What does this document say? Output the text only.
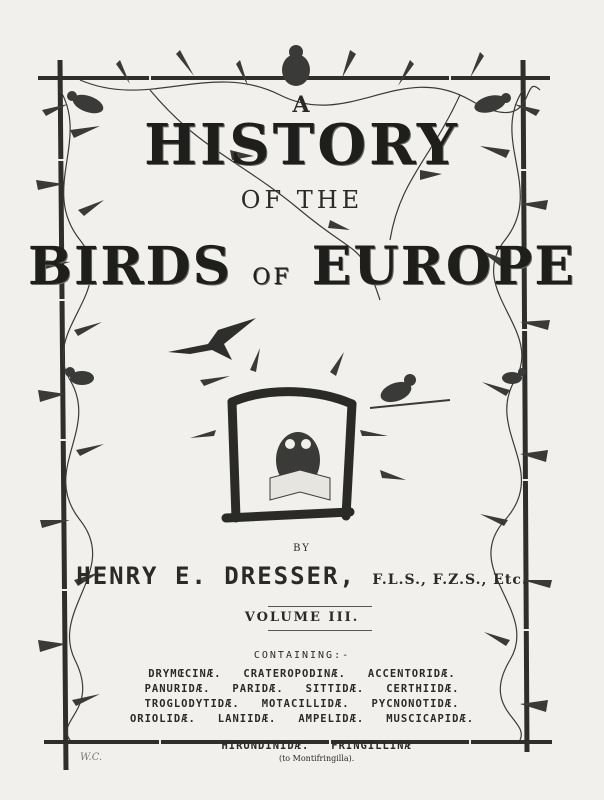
A
HISTORY
OF THE
BIRDS OF EUROPE
BY
HENRY E. DRESSER, F.L.S., F.Z.S., Etc.
VOLUME III.
CONTAINING:-
DRYMŒCINÆ.   CRATEROPODINÆ.   ACCENTORIDÆ.
PANURIDÆ.   PARIDÆ.   SITTIDÆ.   CERTHIIDÆ.
TROGLODYTIDÆ.   MOTACILLIDÆ.   PYCNONOTIDÆ.
ORIOLIDÆ.   LANIIDÆ.   AMPELIDÆ.   MUSCICAPIDÆ.

HIRUNDINIDÆ.   FRINGILLINÆ
(to Montifringilla).

W.C.
